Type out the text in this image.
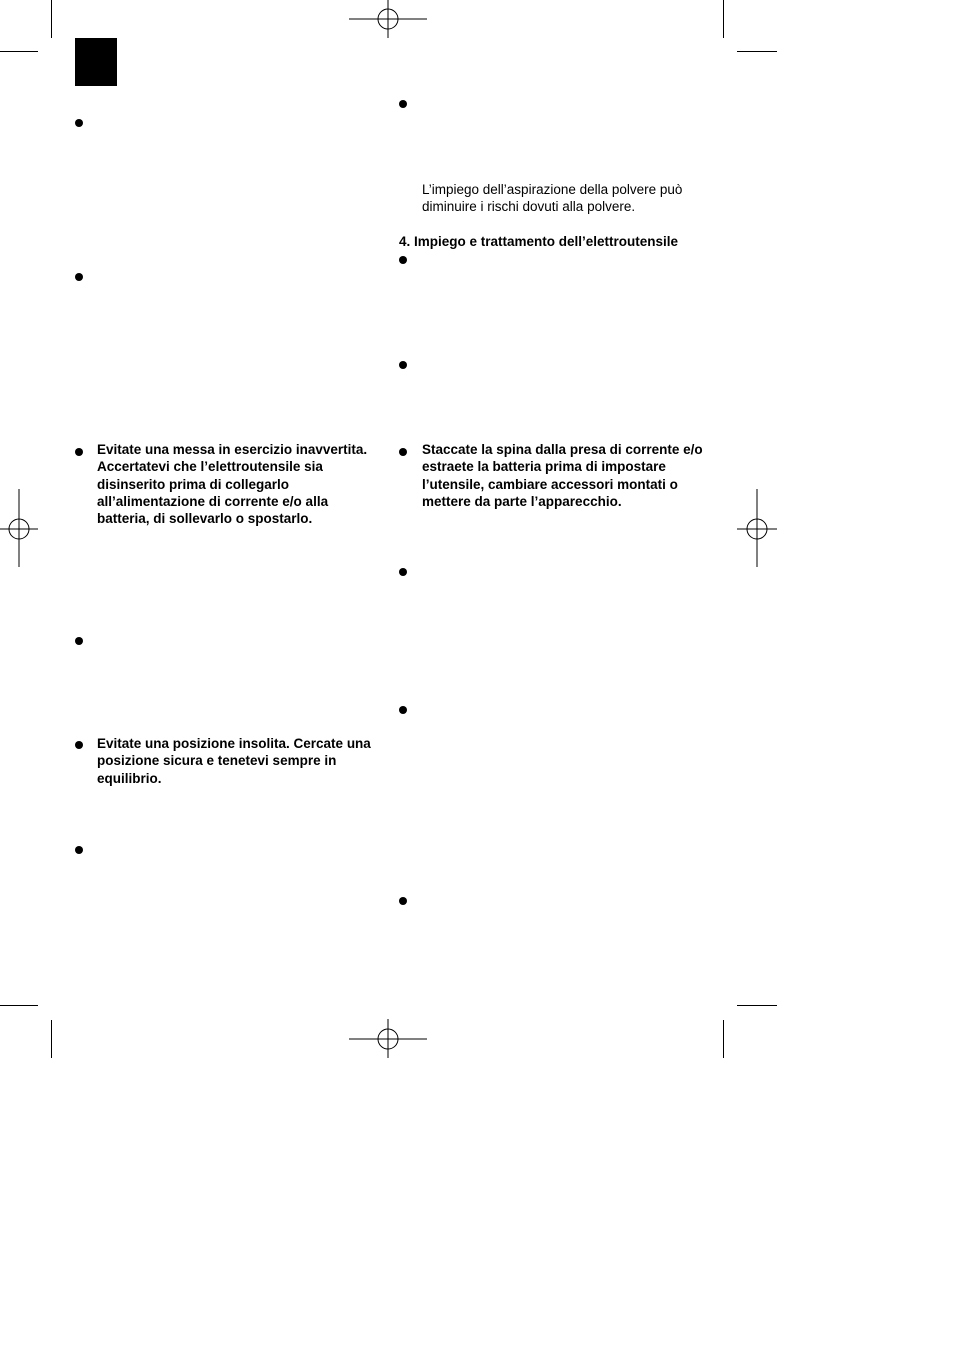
Evitate una messa in esercizio inavvertita. Accertatevi che l’elettroutensile sia disinserito prima di collegarlo all’alimentazione di corrente e/o alla batteria, di sollevarlo o spostarlo.
Evitate una posizione insolita. Cercate una posizione sicura e tenetevi sempre in equilibrio.
L’impiego dell’aspirazione della polvere può diminuire i rischi dovuti alla polvere.
4. Impiego e trattamento dell’elettroutensile
Staccate la spina dalla presa di corrente e/o estraete la batteria prima di impostare l’utensile, cambiare accessori montati o mettere da parte l’apparecchio.
